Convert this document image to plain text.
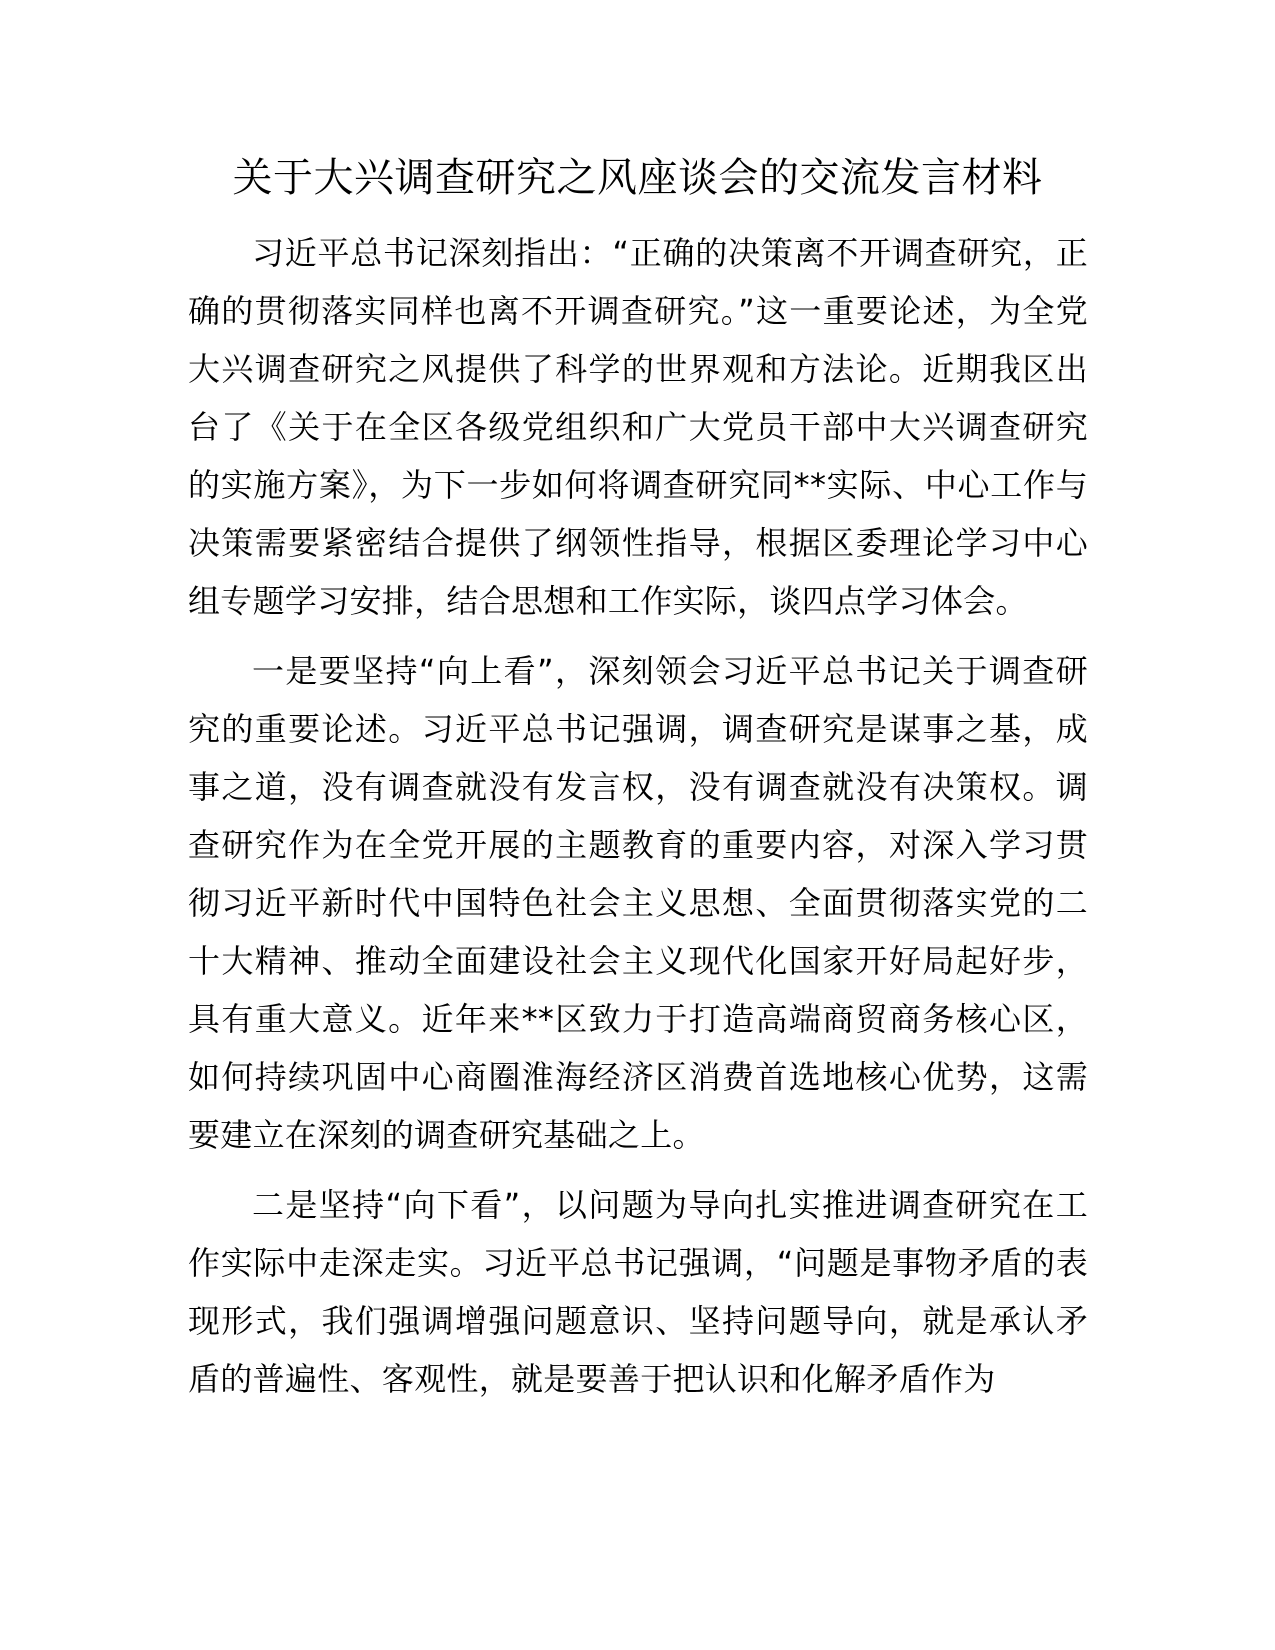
关于大兴调查研究之风座谈会的交流发言材料

习近平总书记深刻指出：“正确的决策离不开调查研究，正确的贯彻落实同样也离不开调查研究。”这一重要论述，为全党大兴调查研究之风提供了科学的世界观和方法论。近期我区出台了《关于在全区各级党组织和广大党员干部中大兴调查研究的实施方案》，为下一步如何将调查研究同**实际、中心工作与决策需要紧密结合提供了纲领性指导，根据区委理论学习中心组专题学习安排，结合思想和工作实际，谈四点学习体会。

一是要坚持“向上看”，深刻领会习近平总书记关于调查研究的重要论述。习近平总书记强调，调查研究是谋事之基，成事之道，没有调查就没有发言权，没有调查就没有决策权。调查研究作为在全党开展的主题教育的重要内容，对深入学习贯彻习近平新时代中国特色社会主义思想、全面贯彻落实党的二十大精神、推动全面建设社会主义现代化国家开好局起好步，具有重大意义。近年来**区致力于打造高端商贸商务核心区，如何持续巩固中心商圈淮海经济区消费首选地核心优势，这需要建立在深刻的调查研究基础之上。

二是坚持“向下看”，以问题为导向扎实推进调查研究在工作实际中走深走实。习近平总书记强调，“问题是事物矛盾的表现形式，我们强调增强问题意识、坚持问题导向，就是承认矛盾的普遍性、客观性，就是要善于把认识和化解矛盾作为
